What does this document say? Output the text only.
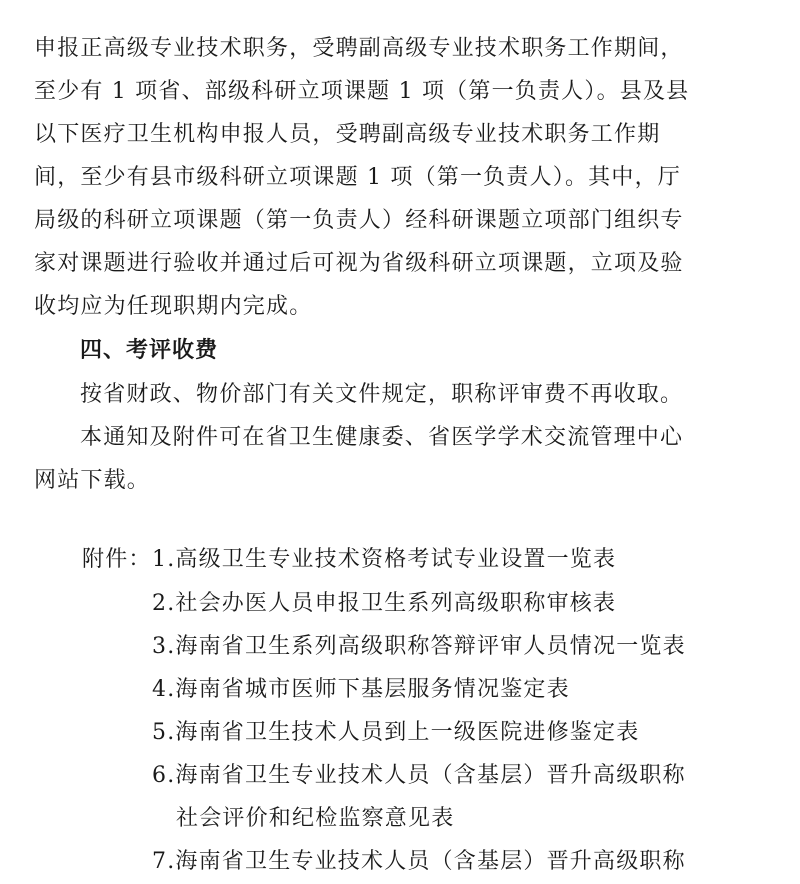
申报正高级专业技术职务，受聘副高级专业技术职务工作期间，
至少有 1 项省、部级科研立项课题 1 项（第一负责人）。县及县
以下医疗卫生机构申报人员，受聘副高级专业技术职务工作期
间，至少有县市级科研立项课题 1 项（第一负责人）。其中，厅
局级的科研立项课题（第一负责人）经科研课题立项部门组织专
家对课题进行验收并通过后可视为省级科研立项课题，立项及验
收均应为任现职期内完成。
四、考评收费
按省财政、物价部门有关文件规定，职称评审费不再收取。
本通知及附件可在省卫生健康委、省医学学术交流管理中心
网站下载。
附件： 1.高级卫生专业技术资格考试专业设置一览表
2.社会办医人员申报卫生系列高级职称审核表
3.海南省卫生系列高级职称答辩评审人员情况一览表
4.海南省城市医师下基层服务情况鉴定表
5.海南省卫生技术人员到上一级医院进修鉴定表
6.海南省卫生专业技术人员（含基层）晋升高级职称
社会评价和纪检监察意见表
7.海南省卫生专业技术人员（含基层）晋升高级职称
